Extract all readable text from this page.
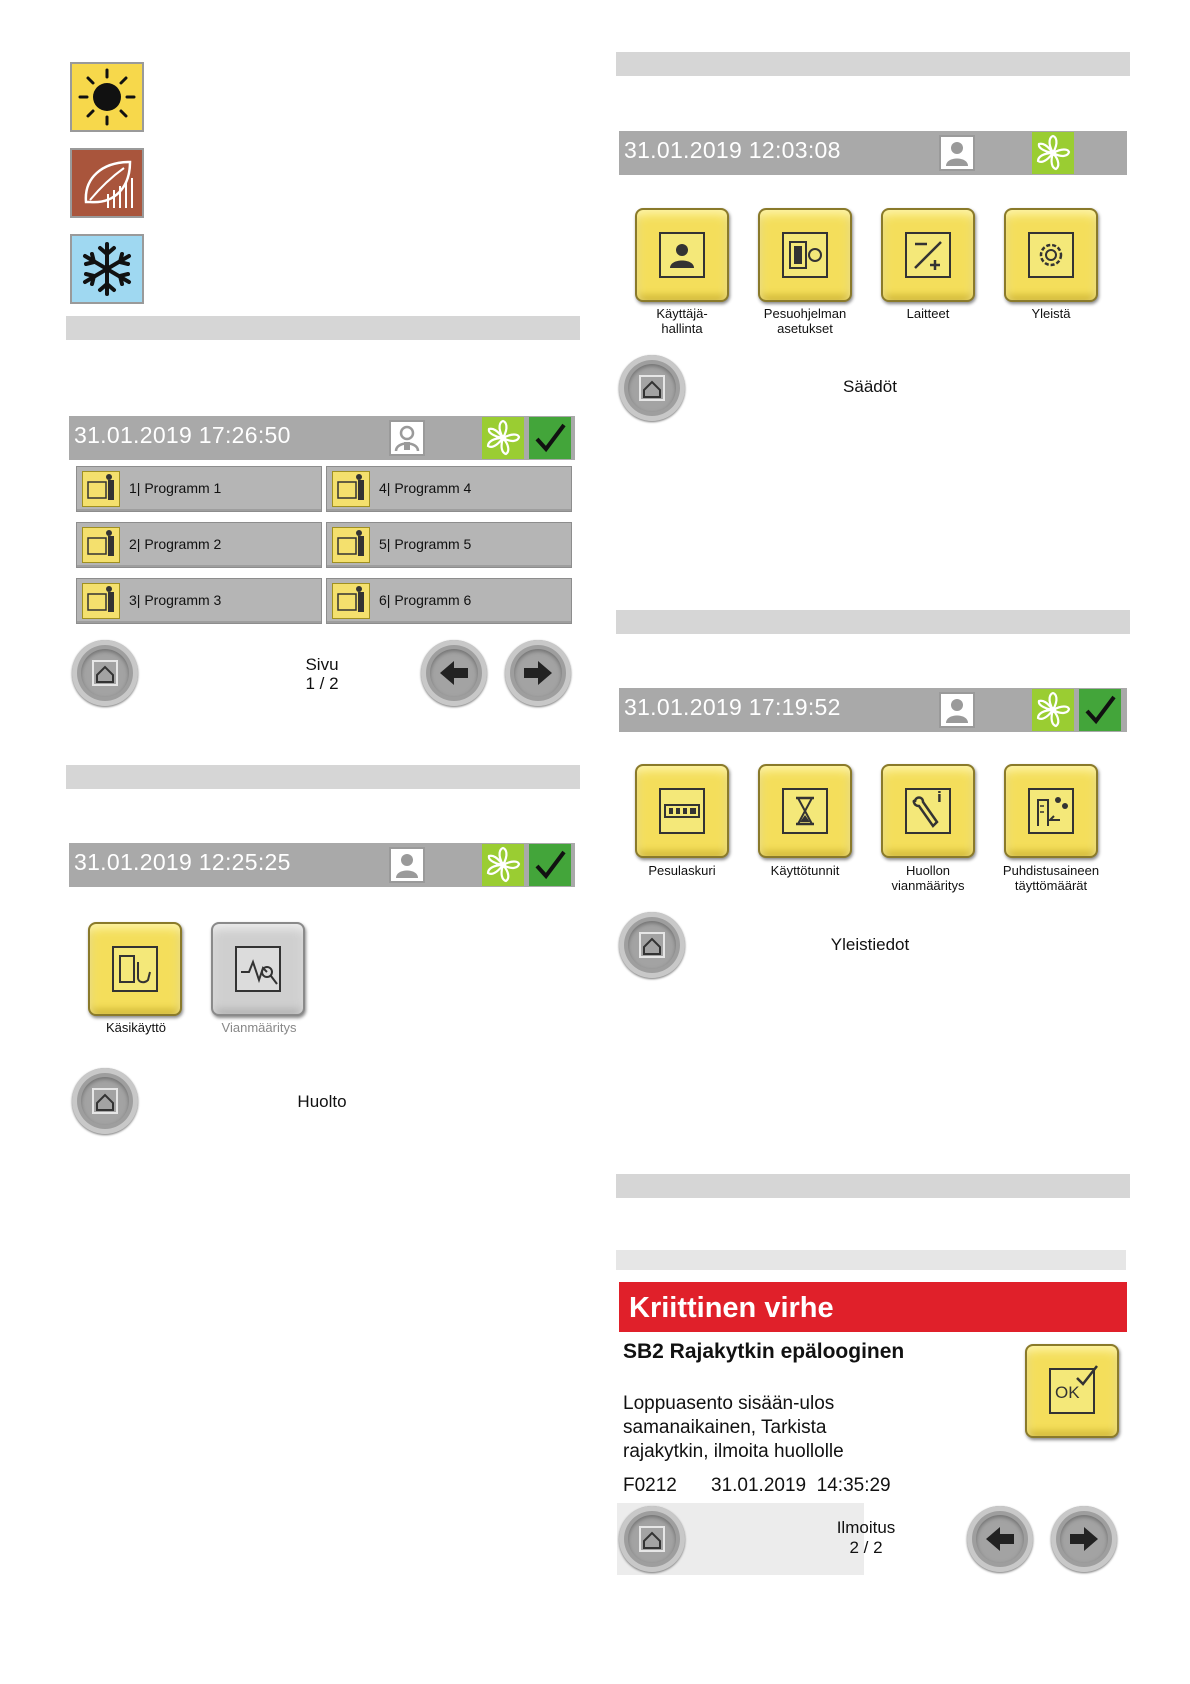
31.01.2019 17:26:50
1| Programm 1	4| Programm 4
2| Programm 2	5| Programm 5
3| Programm 3	6| Programm 6
Sivu
1 / 2
31.01.2019 12:25:25
Käsikäyttö	Vianmääritys
Huolto
31.01.2019 12:03:08
Käyttäjä-
hallinta
Pesuohjelman
asetukset
Laitteet	Yleistä
Säädöt
31.01.2019 17:19:52
Pesulaskuri	Käyttötunnit
i
Huollon
vianmääritys
Puhdistusaineen
täyttömäärät
Yleistiedot
Kriittinen virhe
SB2 Rajakytkin epälooginen
Loppuasento sisään-ulos
samanaikainen, Tarkista
rajakytkin, ilmoita huollolle
F0212 31.01.2019  14:35:29
OK
Ilmoitus
2 / 2
